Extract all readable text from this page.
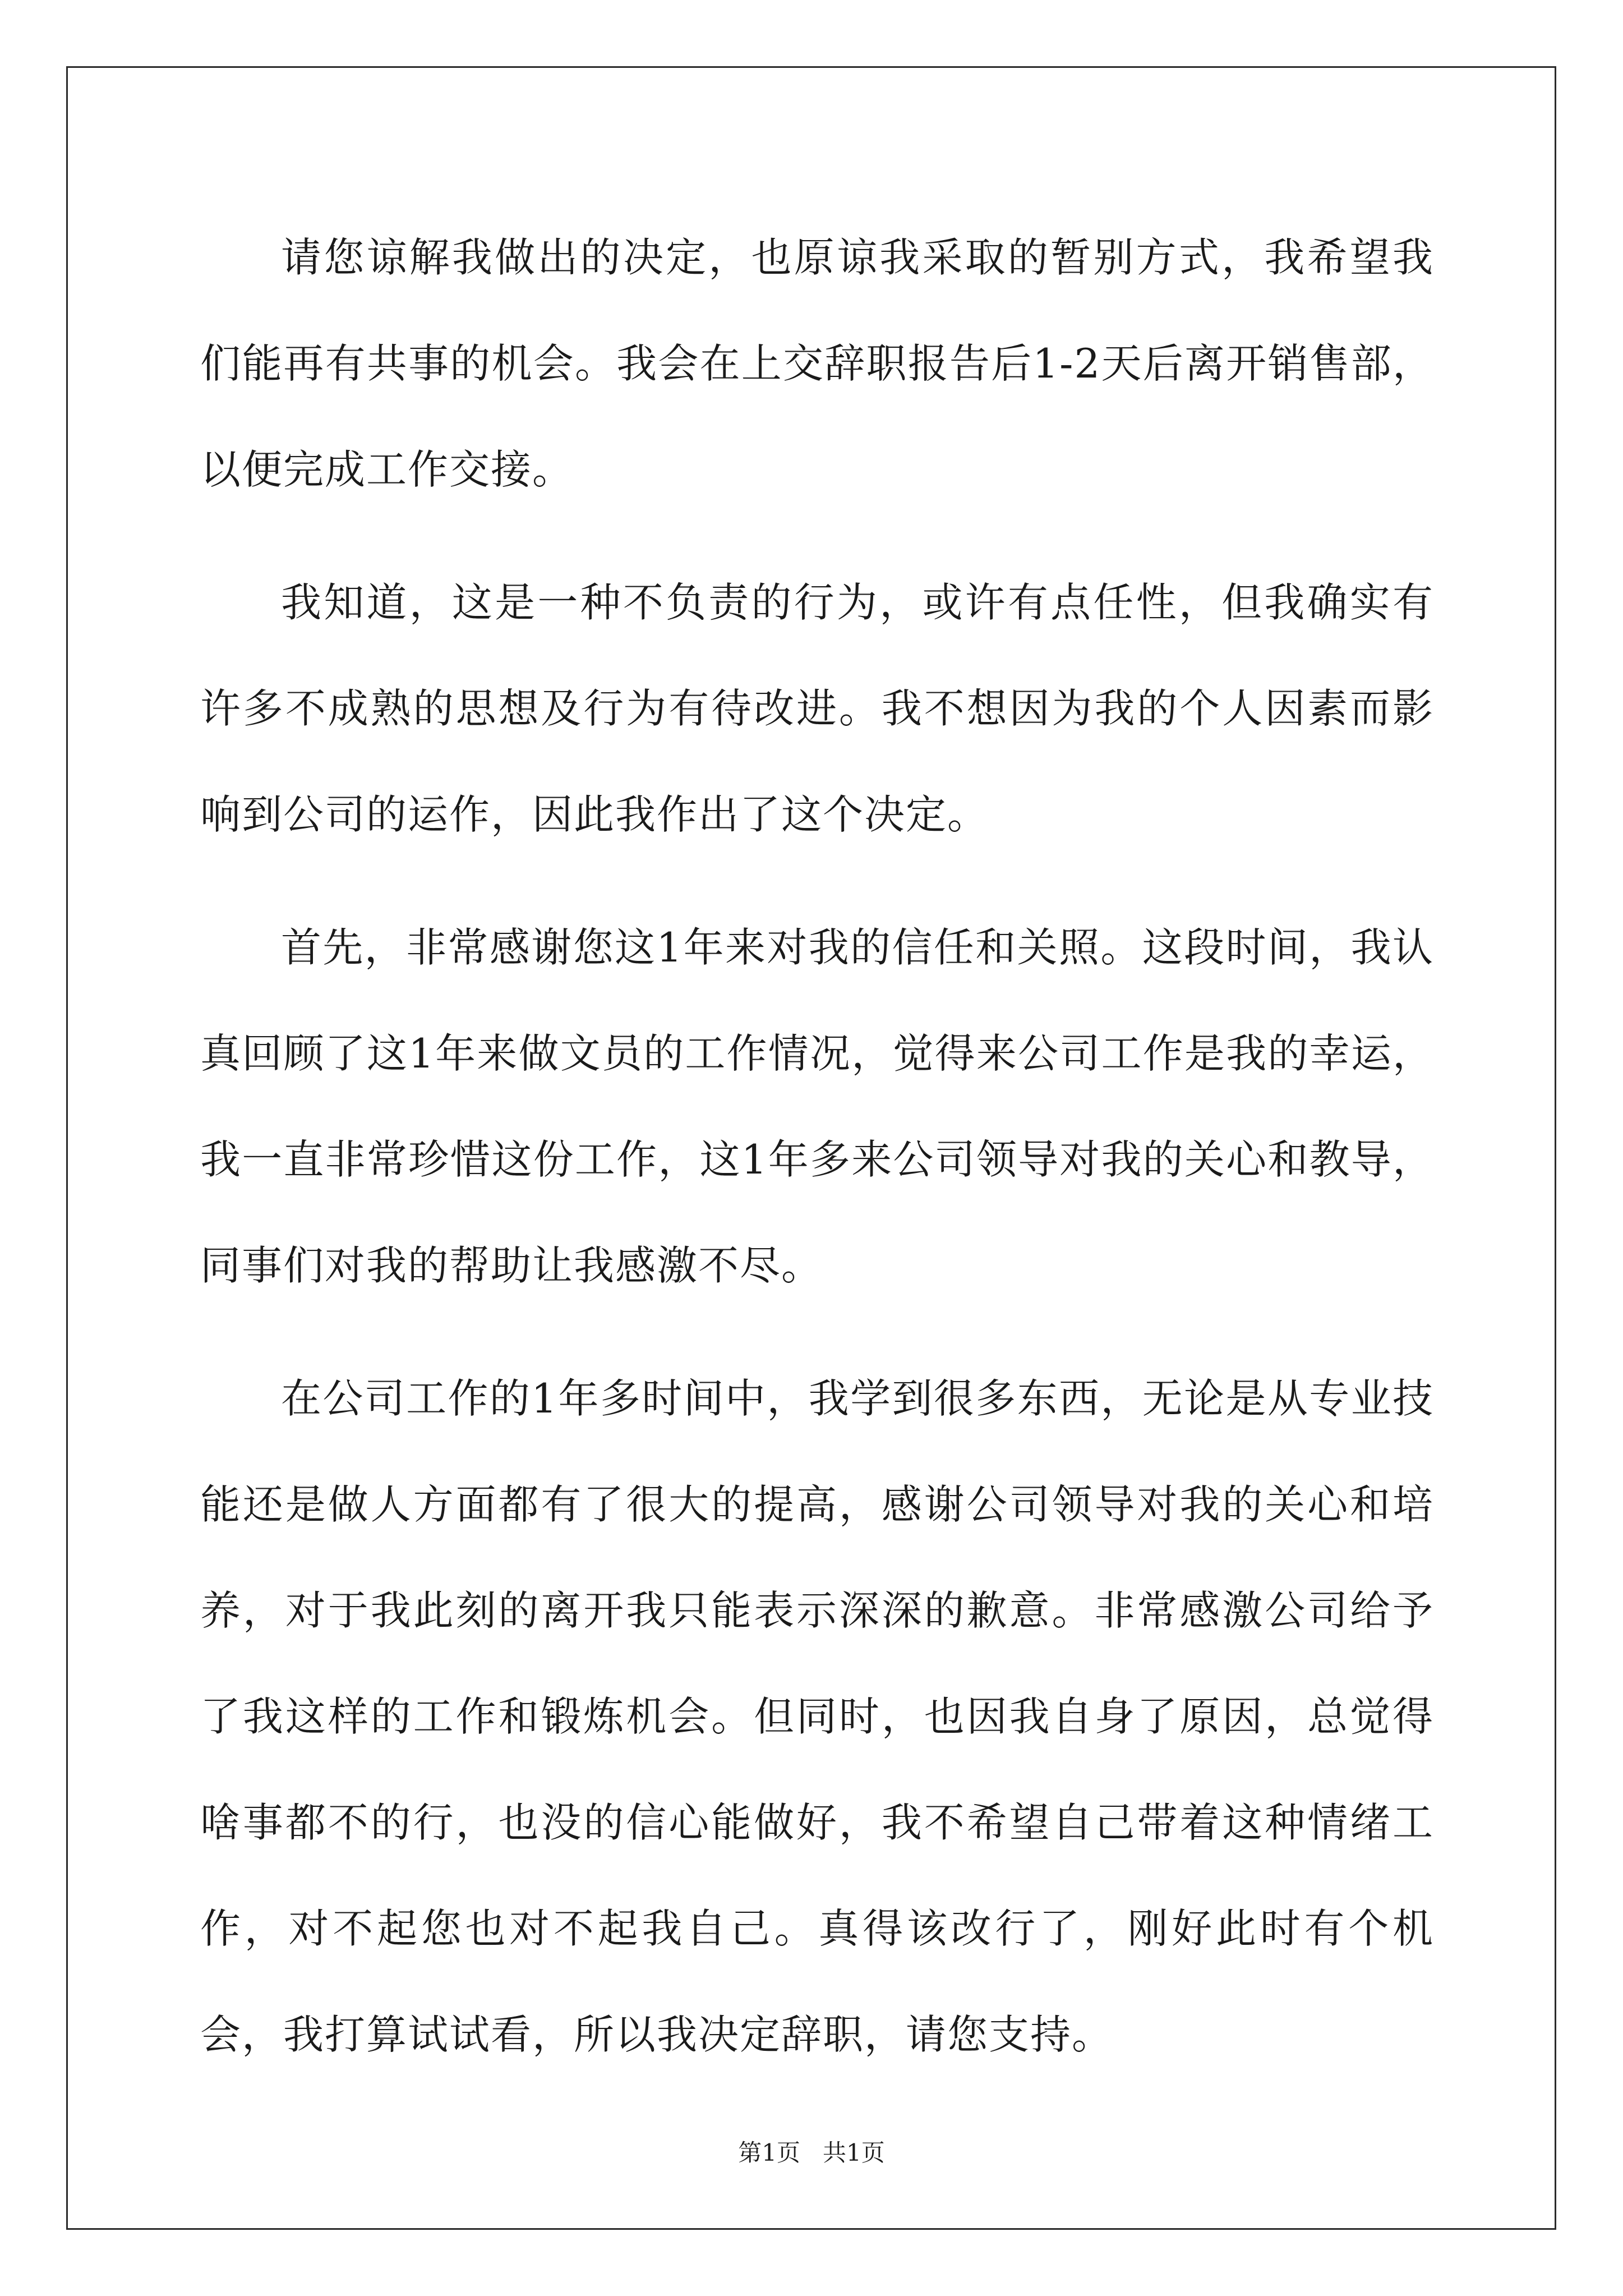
请您谅解我做出的决定，也原谅我采取的暂别方式，我希望我们能再有共事的机会。我会在上交辞职报告后1-2天后离开销售部，以便完成工作交接。

我知道，这是一种不负责的行为，或许有点任性，但我确实有许多不成熟的思想及行为有待改进。我不想因为我的个人因素而影响到公司的运作，因此我作出了这个决定。

首先，非常感谢您这1年来对我的信任和关照。这段时间，我认真回顾了这1年来做文员的工作情况，觉得来公司工作是我的幸运，我一直非常珍惜这份工作，这1年多来公司领导对我的关心和教导，同事们对我的帮助让我感激不尽。

在公司工作的1年多时间中，我学到很多东西，无论是从专业技能还是做人方面都有了很大的提高，感谢公司领导对我的关心和培养，对于我此刻的离开我只能表示深深的歉意。非常感激公司给予了我这样的工作和锻炼机会。但同时，也因我自身了原因，总觉得啥事都不的行，也没的信心能做好，我不希望自己带着这种情绪工作，对不起您也对不起我自己。真得该改行了，刚好此时有个机会，我打算试试看，所以我决定辞职，请您支持。

第1页 共1页
